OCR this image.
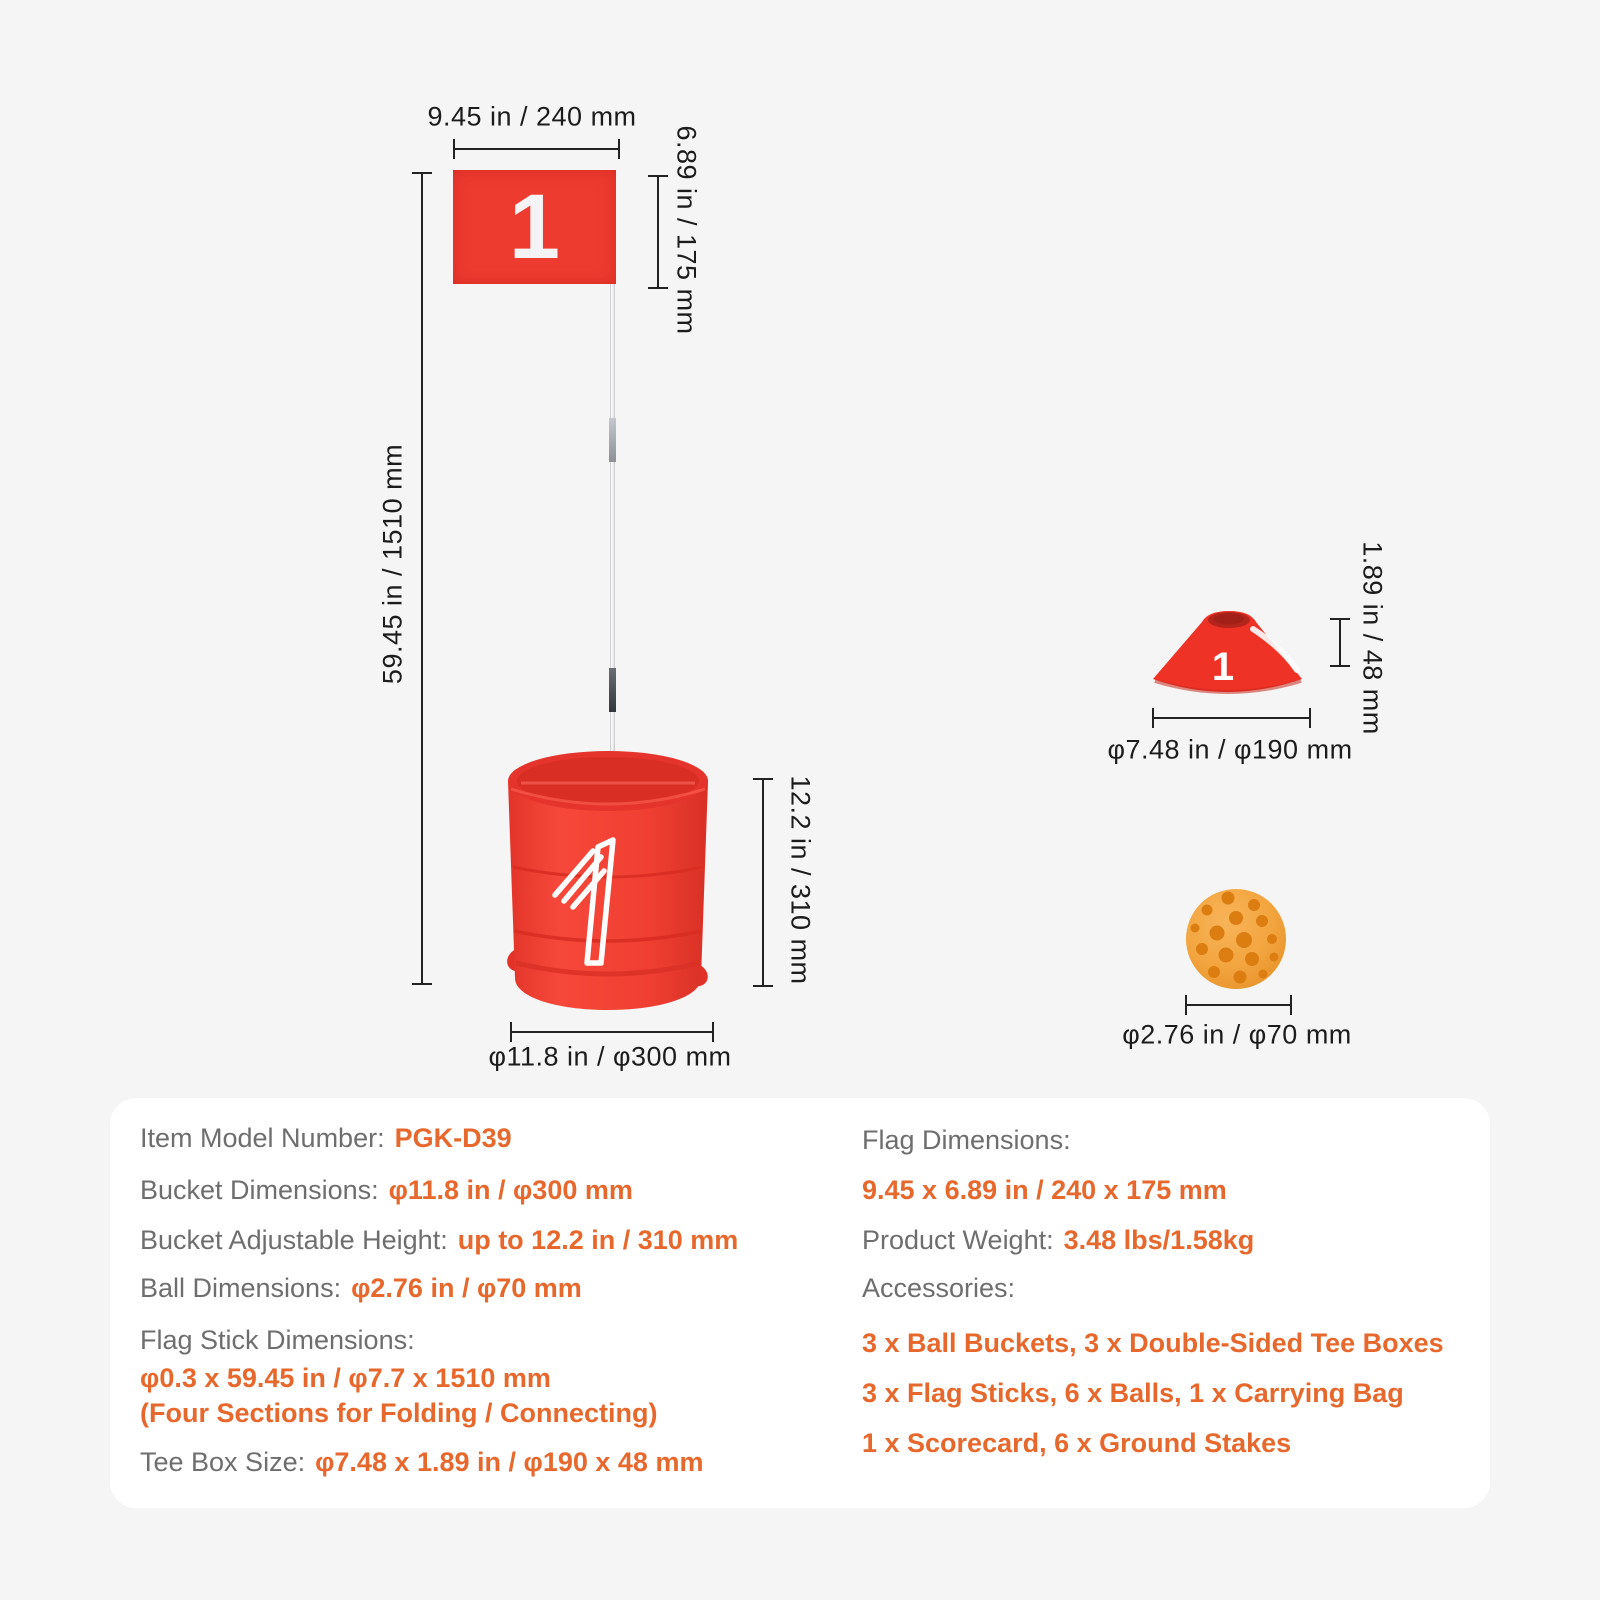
9.45 in / 240 mm
59.45 in / 1510 mm
1	6.89 in / 175 mm
12.2 in / 310 mm
φ11.8 in / φ300 mm
1	1.89 in / 48 mm
φ7.48 in / φ190 mm
φ2.76 in / φ70 mm
Item Model Number: PGK-D39
Bucket Dimensions: φ11.8 in / φ300 mm
Bucket Adjustable Height: up to 12.2 in / 310 mm
Ball Dimensions: φ2.76 in / φ70 mm
Flag Stick Dimensions:
φ0.3 x 59.45 in / φ7.7 x 1510 mm
(Four Sections for Folding / Connecting)
Tee Box Size: φ7.48 x 1.89 in / φ190 x 48 mm
Flag Dimensions:
9.45 x 6.89 in / 240 x 175 mm
Product Weight: 3.48 lbs/1.58kg
Accessories:
3 x Ball Buckets, 3 x Double-Sided Tee Boxes
3 x Flag Sticks, 6 x Balls, 1 x Carrying Bag
1 x Scorecard, 6 x Ground Stakes
